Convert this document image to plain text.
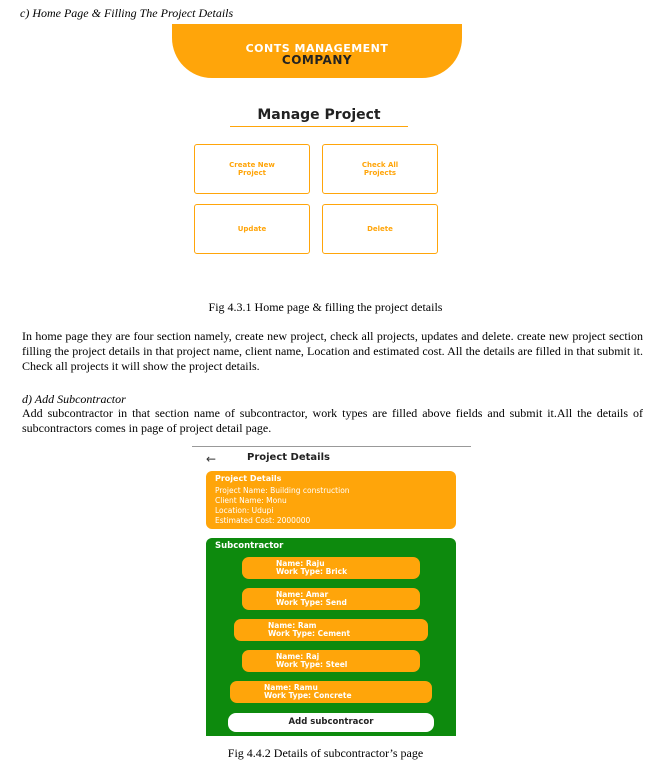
c) Home Page & Filling The Project Details
CONTS MANAGEMENT
COMPANY
Manage Project
Create New
Project
Check All
Projects
Update	Delete
Fig 4.3.1 Home page & filling the project details
In home page they are four section namely, create new project, check all projects, updates and delete. create new project section filling the project details in that project name, client name, Location and estimated cost. All the details are filled in that submit it. Check all projects it will show the project details.
d) Add Subcontractor
Add subcontractor in that section name of subcontractor, work types are filled above fields and submit it.All the details of subcontractors comes in page of project detail page.
←	Project Details
Project Details
Project Name: Building construction
Client Name: Monu
Location: Udupi
Estimated Cost: 2000000
Subcontractor
Name: Raju
Work Type: Brick
Name: Amar
Work Type: Send
Name: Ram
Work Type: Cement
Name: Raj
Work Type: Steel
Name: Ramu
Work Type: Concrete
Add subcontracor
Fig 4.4.2 Details of subcontractor’s page
